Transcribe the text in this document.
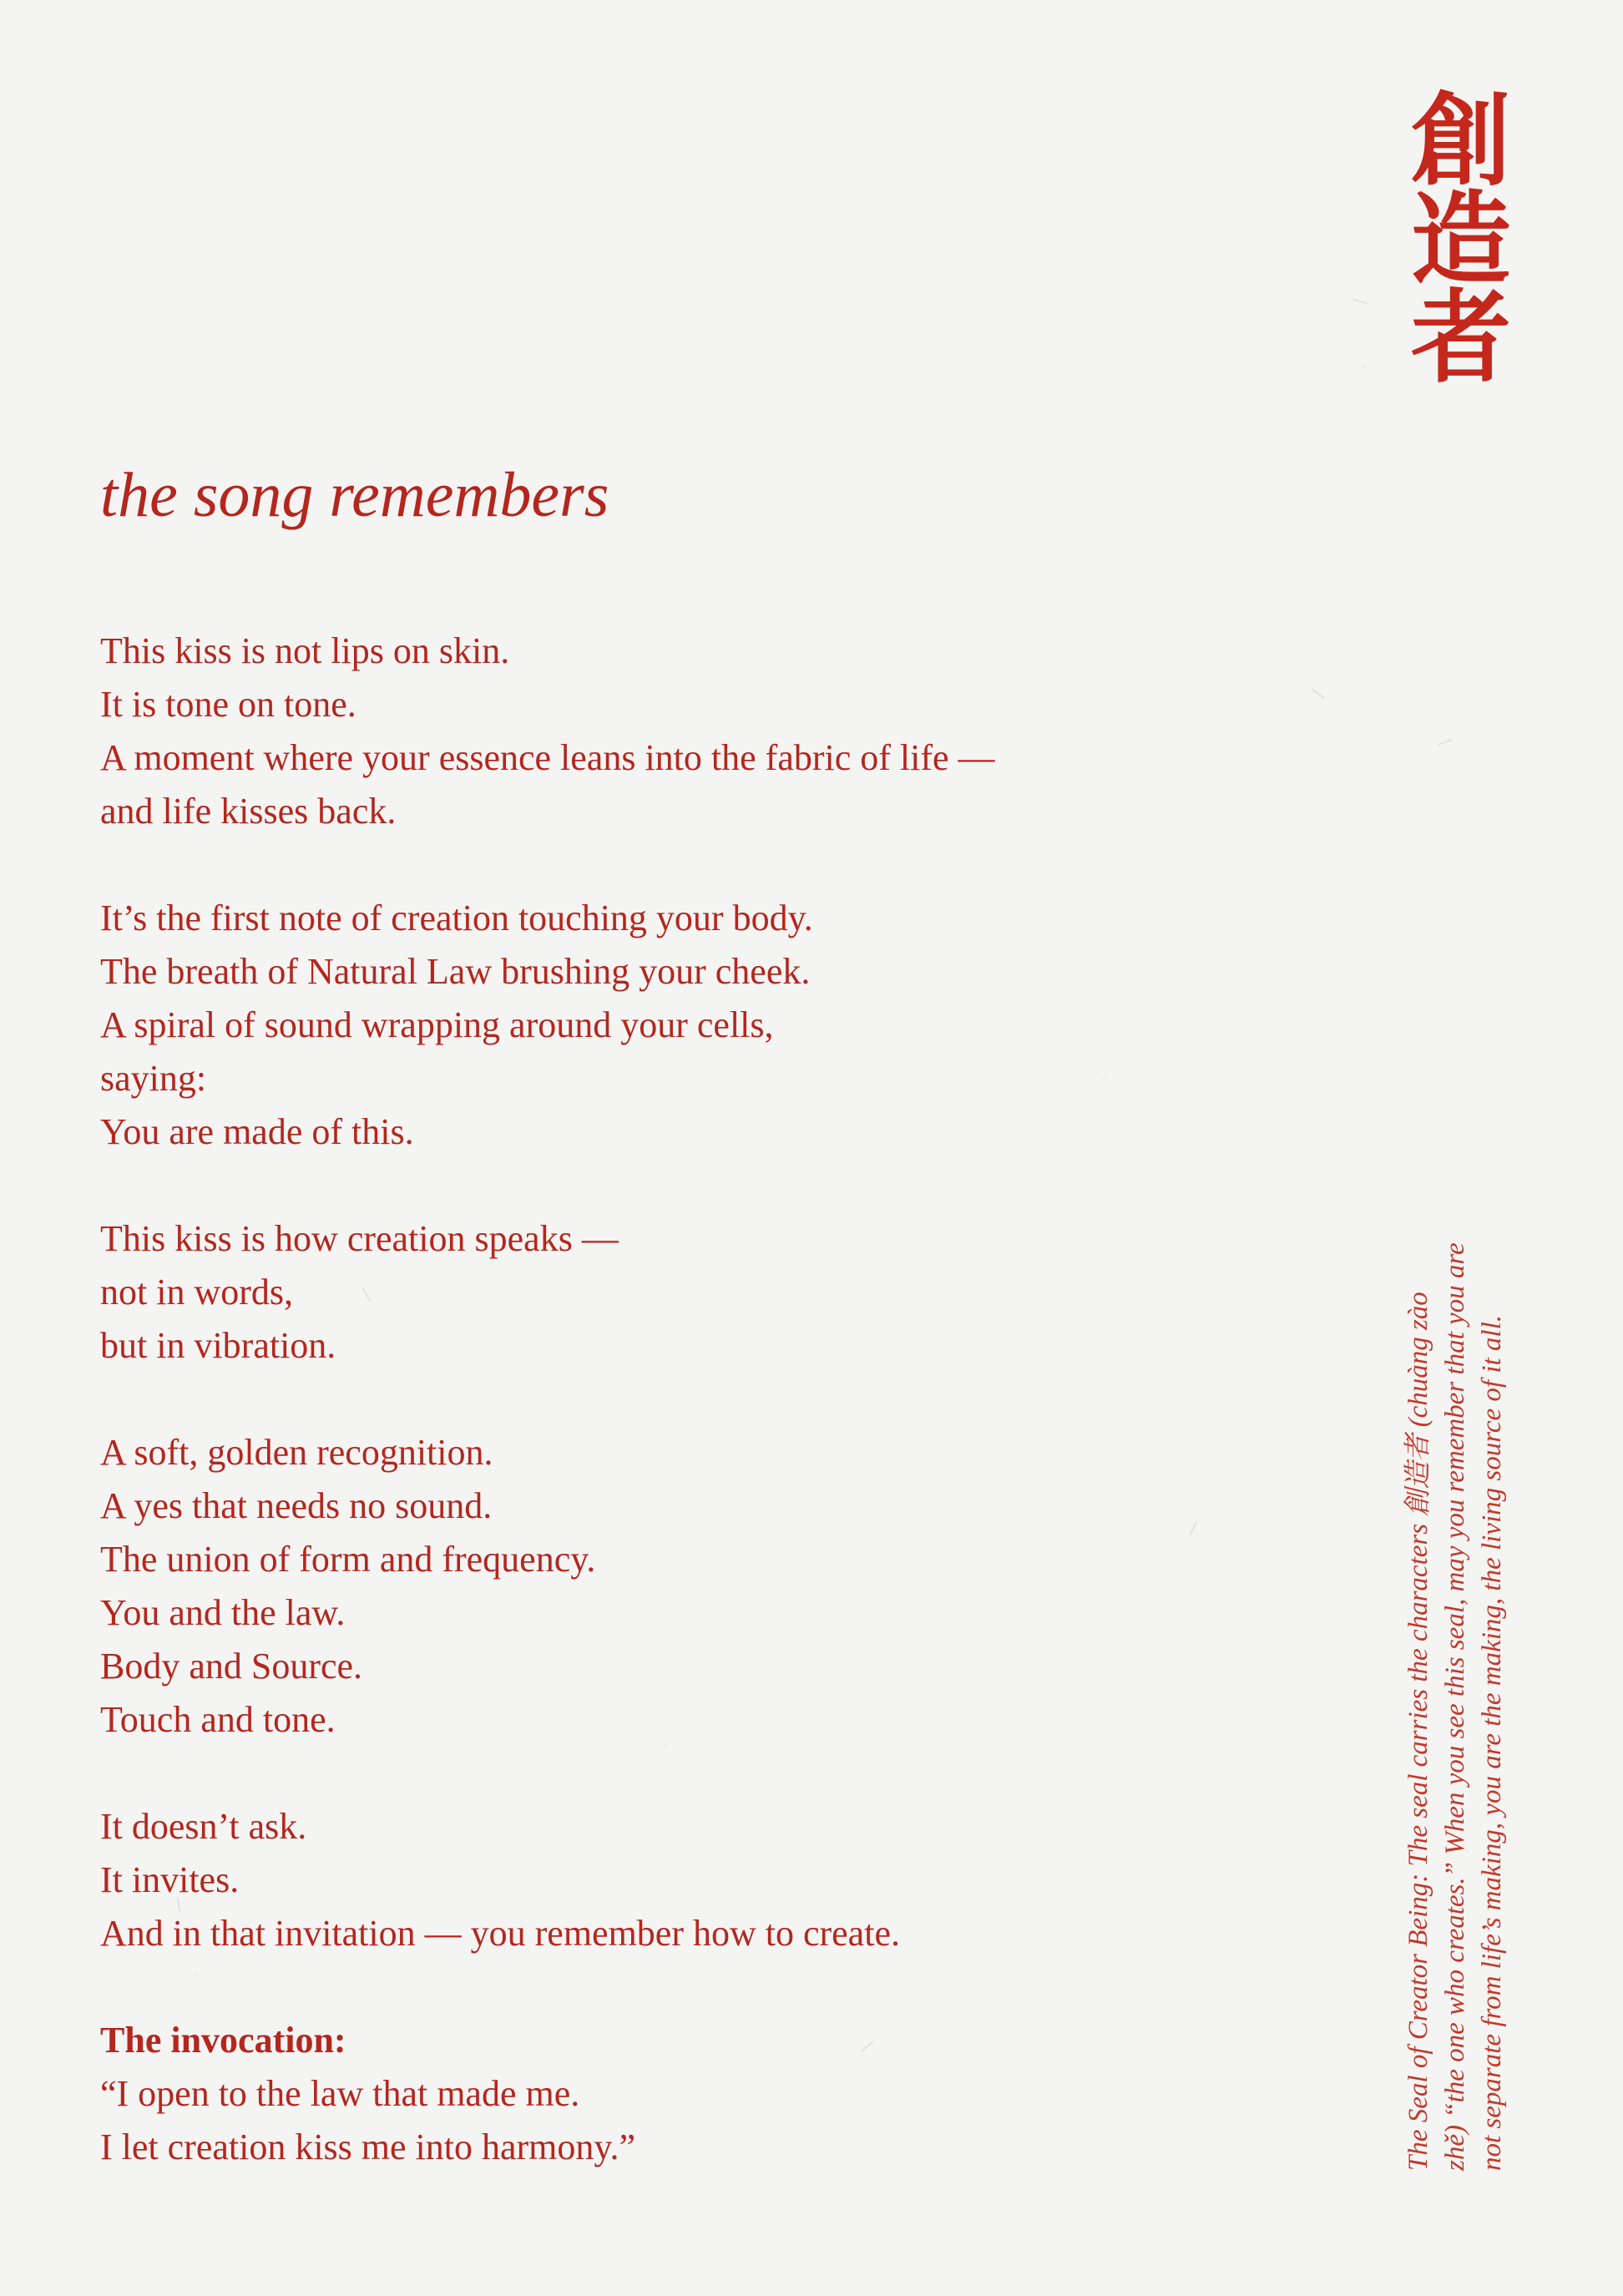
創
造
者
the song remembers
This kiss is not lips on skin.
It is tone on tone.
A moment where your essence leans into the fabric of life —
and life kisses back.
It’s the first note of creation touching your body.
The breath of Natural Law brushing your cheek.
A spiral of sound wrapping around your cells,
saying:
You are made of this.
This kiss is how creation speaks —
not in words,
but in vibration.
A soft, golden recognition.
A yes that needs no sound.
The union of form and frequency.
You and the law.
Body and Source.
Touch and tone.
It doesn’t ask.
It invites.
And in that invitation — you remember how to create.
The invocation:
“I open to the law that made me.
I let creation kiss me into harmony.”	The Seal of Creator Being: The seal carries the characters 創造者 (chuàng zào zhě) “the one who creates.” When you see this seal, may you remember that you are not separate from life’s making, you are the making, the living source of it all.
